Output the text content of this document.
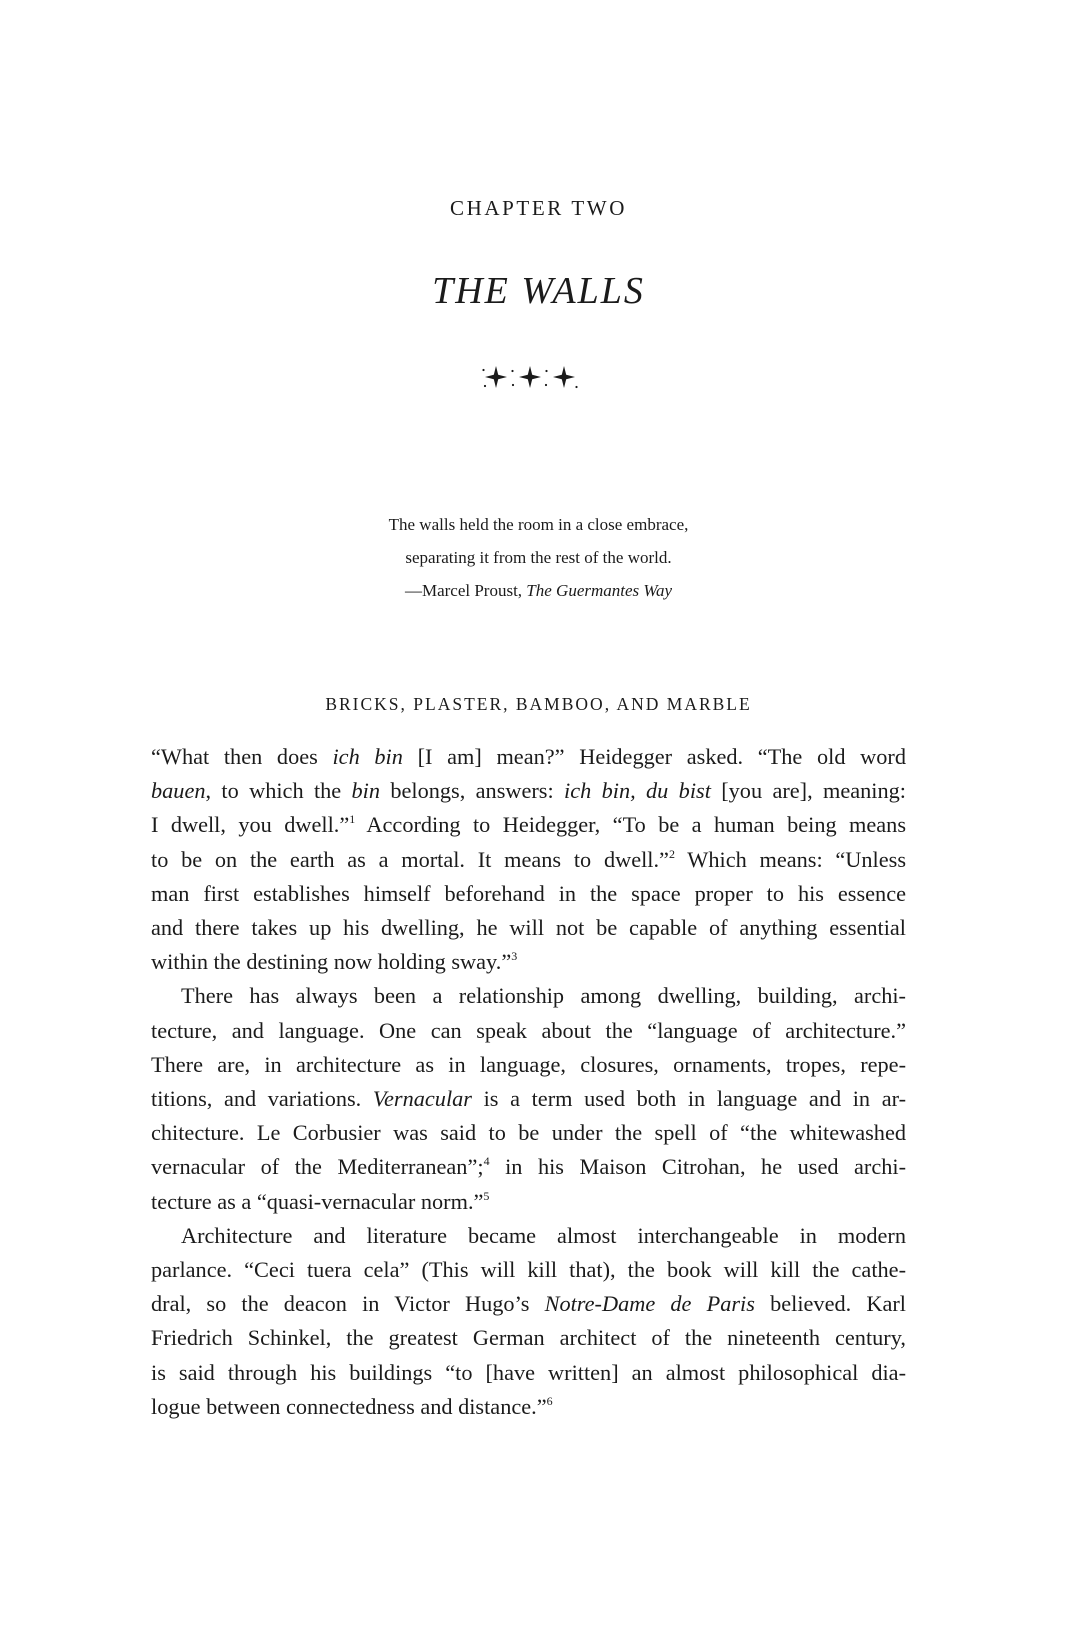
CHAPTER TWO
THE WALLS
The walls held the room in a close embrace,
separating it from the rest of the world.
—Marcel Proust, The Guermantes Way
BRICKS, PLASTER, BAMBOO, AND MARBLE
“What then does ich bin [I am] mean?” Heidegger asked. “The old word
bauen, to which the bin belongs, answers: ich bin, du bist [you are], meaning:
I dwell, you dwell.”$^1$ According to Heidegger, “To be a human being means
to be on the earth as a mortal. It means to dwell.”$^2$ Which means: “Unless
man first establishes himself beforehand in the space proper to his essence
and there takes up his dwelling, he will not be capable of anything essential
within the destining now holding sway.”$^3$
There has always been a relationship among dwelling, building, archi-
tecture, and language. One can speak about the “language of architecture.”
There are, in architecture as in language, closures, ornaments, tropes, repe-
titions, and variations. Vernacular is a term used both in language and in ar-
chitecture. Le Corbusier was said to be under the spell of “the whitewashed
vernacular of the Mediterranean”;$^4$ in his Maison Citrohan, he used archi-
tecture as a “quasi-vernacular norm.”$^5$
Architecture and literature became almost interchangeable in modern
parlance. “Ceci tuera cela” (This will kill that), the book will kill the cathe-
dral, so the deacon in Victor Hugo’s Notre-Dame de Paris believed. Karl
Friedrich Schinkel, the greatest German architect of the nineteenth century,
is said through his buildings “to [have written] an almost philosophical dia-
logue between connectedness and distance.”$^6$
